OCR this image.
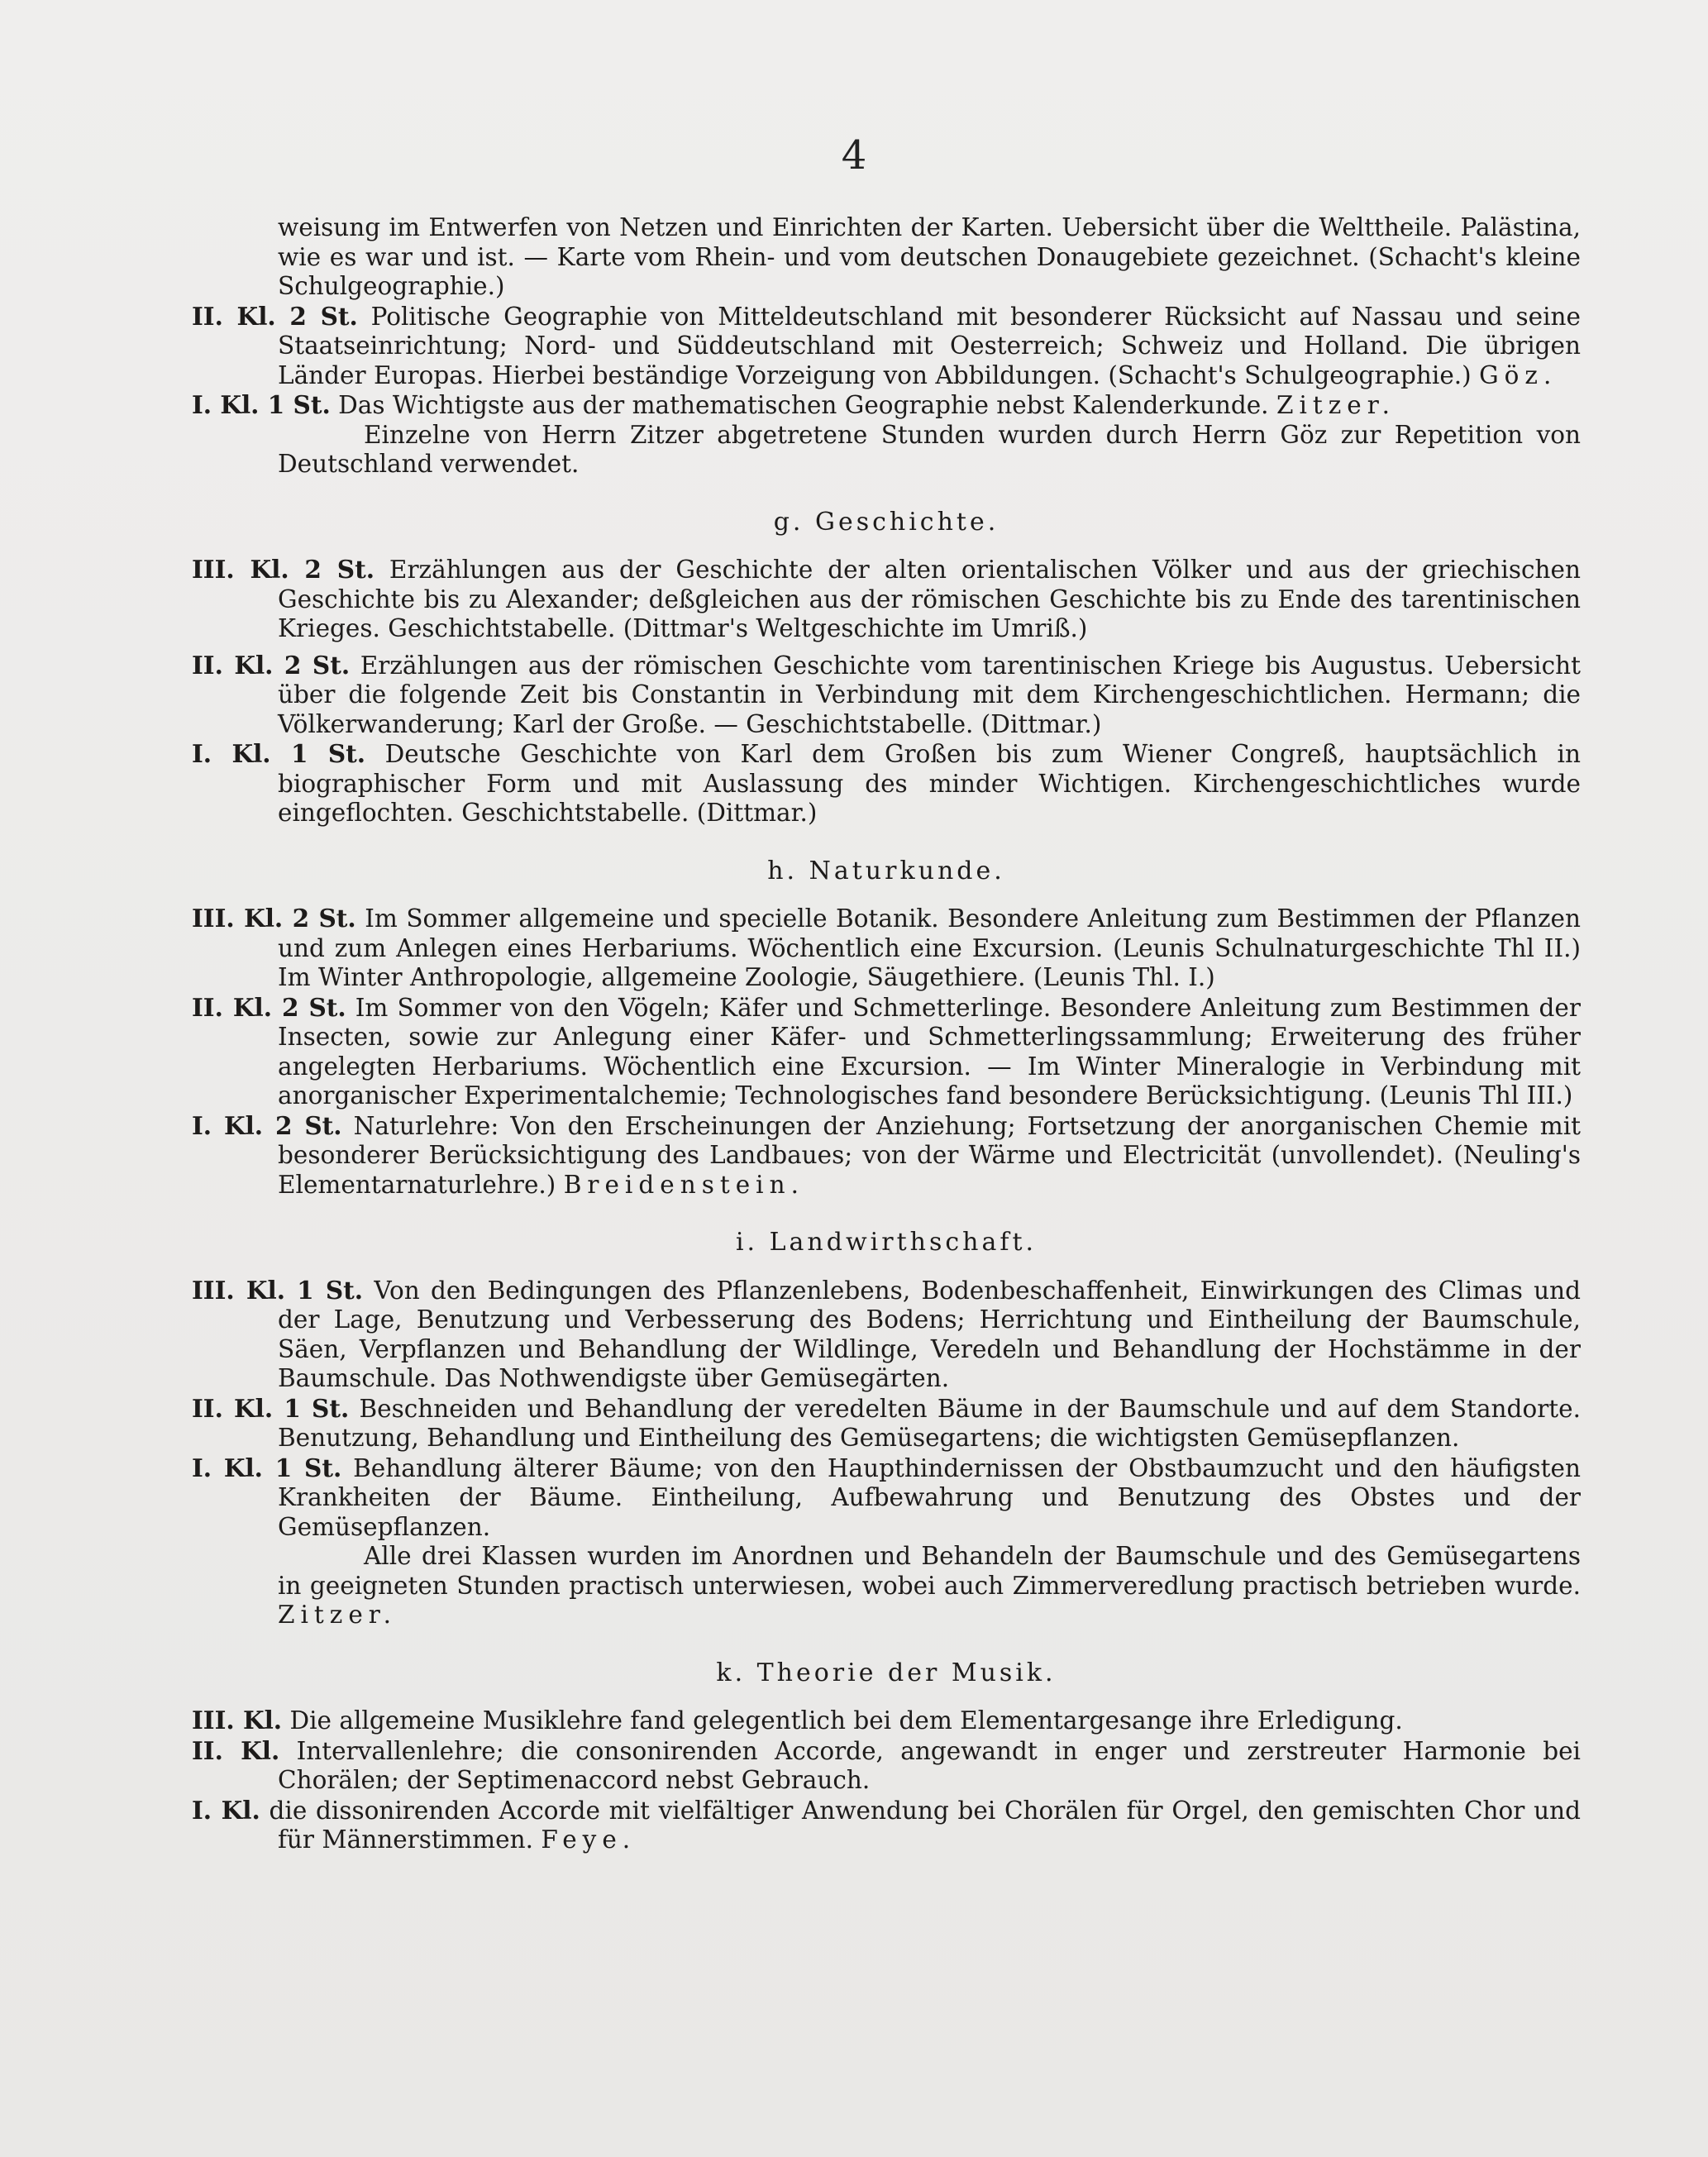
4

weisung im Entwerfen von Netzen und Einrichten der Karten. Uebersicht über die Welttheile. Palästina, wie es war und ist. — Karte vom Rhein- und vom deutschen Donaugebiete gezeichnet. (Schacht's kleine Schulgeographie.)

II. Kl. 2 St. Politische Geographie von Mitteldeutschland mit besonderer Rücksicht auf Nassau und seine Staatseinrichtung; Nord- und Süddeutschland mit Oesterreich; Schweiz und Holland. Die übrigen Länder Europas. Hierbei beständige Vorzeigung von Abbildungen. (Schacht's Schulgeographie.) Göz.

I. Kl. 1 St. Das Wichtigste aus der mathematischen Geographie nebst Kalenderkunde. Zitzer.

Einzelne von Herrn Zitzer abgetretene Stunden wurden durch Herrn Göz zur Repetition von Deutschland verwendet.

g. Geschichte.

III. Kl. 2 St. Erzählungen aus der Geschichte der alten orientalischen Völker und aus der griechischen Geschichte bis zu Alexander; deßgleichen aus der römischen Geschichte bis zu Ende des tarentinischen Krieges. Geschichtstabelle. (Dittmar's Weltgeschichte im Umriß.)

II. Kl. 2 St. Erzählungen aus der römischen Geschichte vom tarentinischen Kriege bis Augustus. Uebersicht über die folgende Zeit bis Constantin in Verbindung mit dem Kirchengeschichtlichen. Hermann; die Völkerwanderung; Karl der Große. — Geschichtstabelle. (Dittmar.)

I. Kl. 1 St. Deutsche Geschichte von Karl dem Großen bis zum Wiener Congreß, hauptsächlich in biographischer Form und mit Auslassung des minder Wichtigen. Kirchengeschichtliches wurde eingeflochten. Geschichtstabelle. (Dittmar.)

h. Naturkunde.

III. Kl. 2 St. Im Sommer allgemeine und specielle Botanik. Besondere Anleitung zum Bestimmen der Pflanzen und zum Anlegen eines Herbariums. Wöchentlich eine Excursion. (Leunis Schulnaturgeschichte Thl II.) Im Winter Anthropologie, allgemeine Zoologie, Säugethiere. (Leunis Thl. I.)

II. Kl. 2 St. Im Sommer von den Vögeln; Käfer und Schmetterlinge. Besondere Anleitung zum Bestimmen der Insecten, sowie zur Anlegung einer Käfer- und Schmetterlingssammlung; Erweiterung des früher angelegten Herbariums. Wöchentlich eine Excursion. — Im Winter Mineralogie in Verbindung mit anorganischer Experimentalchemie; Technologisches fand besondere Berücksichtigung. (Leunis Thl III.)

I. Kl. 2 St. Naturlehre: Von den Erscheinungen der Anziehung; Fortsetzung der anorganischen Chemie mit besonderer Berücksichtigung des Landbaues; von der Wärme und Electricität (unvollendet). (Neuling's Elementarnaturlehre.) Breidenstein.

i. Landwirthschaft.

III. Kl. 1 St. Von den Bedingungen des Pflanzenlebens, Bodenbeschaffenheit, Einwirkungen des Climas und der Lage, Benutzung und Verbesserung des Bodens; Herrichtung und Eintheilung der Baumschule, Säen, Verpflanzen und Behandlung der Wildlinge, Veredeln und Behandlung der Hochstämme in der Baumschule. Das Nothwendigste über Gemüsegärten.

II. Kl. 1 St. Beschneiden und Behandlung der veredelten Bäume in der Baumschule und auf dem Standorte. Benutzung, Behandlung und Eintheilung des Gemüsegartens; die wichtigsten Gemüsepflanzen.

I. Kl. 1 St. Behandlung älterer Bäume; von den Haupthindernissen der Obstbaumzucht und den häufigsten Krankheiten der Bäume. Eintheilung, Aufbewahrung und Benutzung des Obstes und der Gemüsepflanzen.

Alle drei Klassen wurden im Anordnen und Behandeln der Baumschule und des Gemüsegartens in geeigneten Stunden practisch unterwiesen, wobei auch Zimmerveredlung practisch betrieben wurde. Zitzer.

k. Theorie der Musik.

III. Kl. Die allgemeine Musiklehre fand gelegentlich bei dem Elementargesange ihre Erledigung.

II. Kl. Intervallenlehre; die consonirenden Accorde, angewandt in enger und zerstreuter Harmonie bei Chorälen; der Septimenaccord nebst Gebrauch.

I. Kl. die dissonirenden Accorde mit vielfältiger Anwendung bei Chorälen für Orgel, den gemischten Chor und für Männerstimmen. Feye.
